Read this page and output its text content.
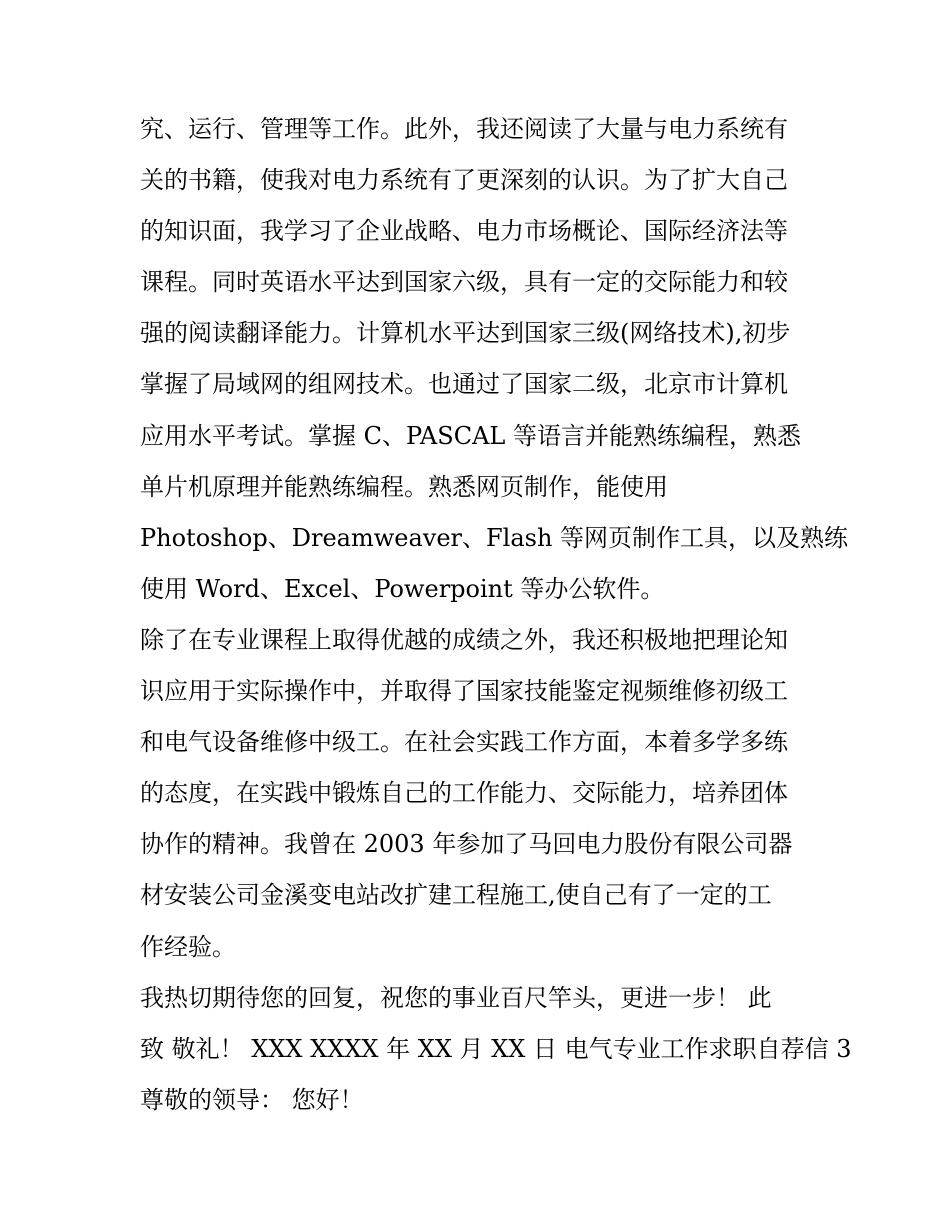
究、运行、管理等工作。此外，我还阅读了大量与电力系统有
关的书籍，使我对电力系统有了更深刻的认识。为了扩大自己
的知识面，我学习了企业战略、电力市场概论、国际经济法等
课程。同时英语水平达到国家六级，具有一定的交际能力和较
强的阅读翻译能力。计算机水平达到国家三级(网络技术),初步
掌握了局域网的组网技术。也通过了国家二级，北京市计算机
应用水平考试。掌握 C、PASCAL 等语言并能熟练编程，熟悉
单片机原理并能熟练编程。熟悉网页制作，能使用
Photoshop、Dreamweaver、Flash 等网页制作工具，以及熟练
使用 Word、Excel、Powerpoint 等办公软件。
除了在专业课程上取得优越的成绩之外，我还积极地把理论知
识应用于实际操作中，并取得了国家技能鉴定视频维修初级工
和电气设备维修中级工。在社会实践工作方面，本着多学多练
的态度，在实践中锻炼自己的工作能力、交际能力，培养团体
协作的精神。我曾在 2003 年参加了马回电力股份有限公司器
材安装公司金溪变电站改扩建工程施工,使自己有了一定的工
作经验。
我热切期待您的回复，祝您的事业百尺竿头，更进一步！ 此
致 敬礼！ XXX XXXX 年 XX 月 XX 日 电气专业工作求职自荐信 3
尊敬的领导： 您好！
